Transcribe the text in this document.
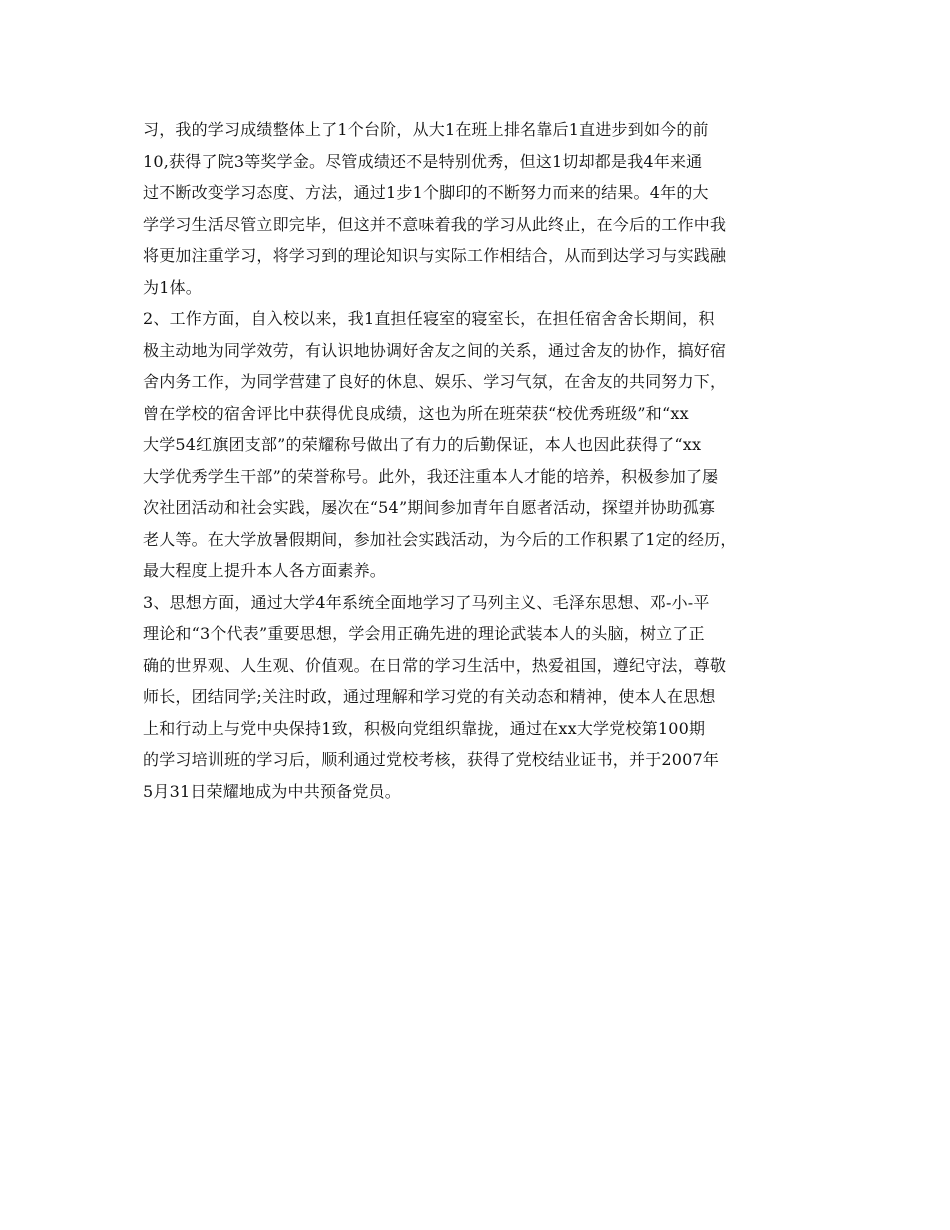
习，我的学习成绩整体上了1个台阶，从大1在班上排名靠后1直进步到如今的前
10,获得了院3等奖学金。尽管成绩还不是特别优秀，但这1切却都是我4年来通
过不断改变学习态度、方法，通过1步1个脚印的不断努力而来的结果。4年的大
学学习生活尽管立即完毕，但这并不意味着我的学习从此终止，在今后的工作中我
将更加注重学习，将学习到的理论知识与实际工作相结合，从而到达学习与实践融
为1体。
2、工作方面，自入校以来，我1直担任寝室的寝室长，在担任宿舍舍长期间，积
极主动地为同学效劳，有认识地协调好舍友之间的关系，通过舍友的协作，搞好宿
舍内务工作，为同学营建了良好的休息、娱乐、学习气氛，在舍友的共同努力下，
曾在学校的宿舍评比中获得优良成绩，这也为所在班荣获“校优秀班级”和“xx
大学54红旗团支部”的荣耀称号做出了有力的后勤保证，本人也因此获得了“xx
大学优秀学生干部”的荣誉称号。此外，我还注重本人才能的培养，积极参加了屡
次社团活动和社会实践，屡次在“54”期间参加青年自愿者活动，探望并协助孤寡
老人等。在大学放暑假期间，参加社会实践活动，为今后的工作积累了1定的经历，
最大程度上提升本人各方面素养。
3、思想方面，通过大学4年系统全面地学习了马列主义、毛泽东思想、邓-小-平
理论和“3个代表”重要思想，学会用正确先进的理论武装本人的头脑，树立了正
确的世界观、人生观、价值观。在日常的学习生活中，热爱祖国，遵纪守法，尊敬
师长，团结同学;关注时政，通过理解和学习党的有关动态和精神，使本人在思想
上和行动上与党中央保持1致，积极向党组织靠拢，通过在xx大学党校第100期
的学习培训班的学习后，顺利通过党校考核，获得了党校结业证书，并于2007年
5月31日荣耀地成为中共预备党员。
